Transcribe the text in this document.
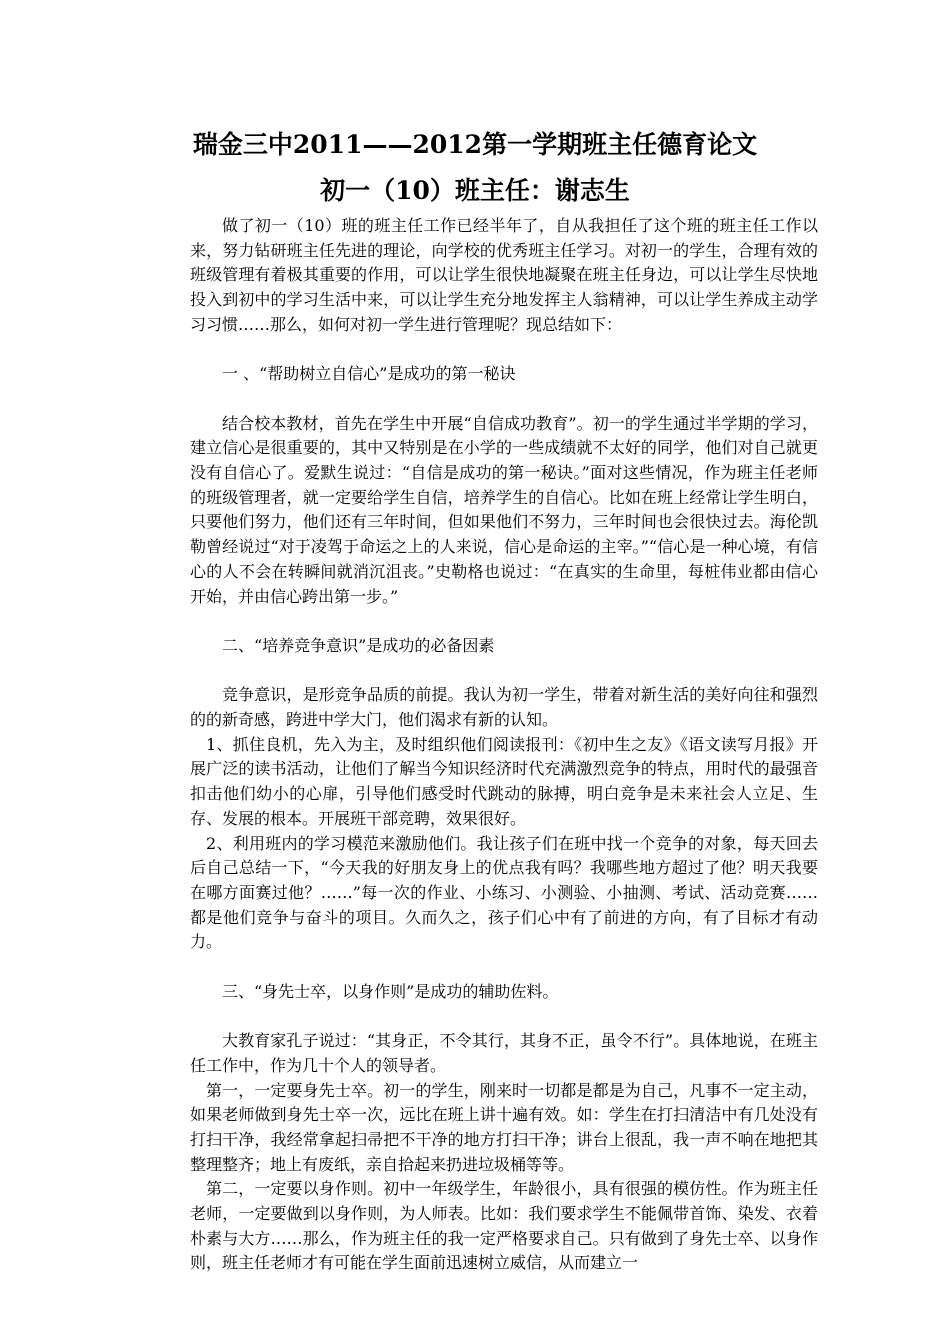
瑞金三中2011——2012第一学期班主任德育论文
初一（10）班主任：谢志生

做了初一（10）班的班主任工作已经半年了，自从我担任了这个班的班主任工作以来，努力钻研班主任先进的理论，向学校的优秀班主任学习。对初一的学生，合理有效的班级管理有着极其重要的作用，可以让学生很快地凝聚在班主任身边，可以让学生尽快地投入到初中的学习生活中来，可以让学生充分地发挥主人翁精神，可以让学生养成主动学习习惯……那么，如何对初一学生进行管理呢？现总结如下：

一 、“帮助树立自信心”是成功的第一秘诀

结合校本教材，首先在学生中开展“自信成功教育”。初一的学生通过半学期的学习，建立信心是很重要的，其中又特别是在小学的一些成绩就不太好的同学，他们对自己就更没有自信心了。爱默生说过：“自信是成功的第一秘诀。”面对这些情况，作为班主任老师的班级管理者，就一定要给学生自信，培养学生的自信心。比如在班上经常让学生明白，只要他们努力，他们还有三年时间，但如果他们不努力，三年时间也会很快过去。海伦凯勒曾经说过“对于凌驾于命运之上的人来说，信心是命运的主宰。”“信心是一种心境，有信心的人不会在转瞬间就消沉沮丧。”史勒格也说过：“在真实的生命里，每桩伟业都由信心开始，并由信心跨出第一步。”

二、“培养竞争意识”是成功的必备因素

竞争意识，是形竞争品质的前提。我认为初一学生，带着对新生活的美好向往和强烈的的新奇感，跨进中学大门，他们渴求有新的认知。

1、抓住良机，先入为主，及时组织他们阅读报刊：《初中生之友》《语文读写月报》开展广泛的读书活动，让他们了解当今知识经济时代充满激烈竞争的特点，用时代的最强音扣击他们幼小的心扉，引导他们感受时代跳动的脉搏，明白竞争是未来社会人立足、生存、发展的根本。开展班干部竞聘，效果很好。

2、利用班内的学习模范来激励他们。我让孩子们在班中找一个竞争的对象，每天回去后自己总结一下，“今天我的好朋友身上的优点我有吗？我哪些地方超过了他？明天我要在哪方面赛过他？……”每一次的作业、小练习、小测验、小抽测、考试、活动竞赛……都是他们竞争与奋斗的项目。久而久之，孩子们心中有了前进的方向，有了目标才有动力。

三、“身先士卒，以身作则”是成功的辅助佐料。

大教育家孔子说过：“其身正，不令其行，其身不正，虽令不行”。具体地说，在班主任工作中，作为几十个人的领导者。

第一，一定要身先士卒。初一的学生，刚来时一切都是都是为自己，凡事不一定主动，如果老师做到身先士卒一次，远比在班上讲十遍有效。如：学生在打扫清洁中有几处没有打扫干净，我经常拿起扫帚把不干净的地方打扫干净；讲台上很乱，我一声不响在地把其整理整齐；地上有废纸，亲自拾起来扔进垃圾桶等等。

第二，一定要以身作则。初中一年级学生，年龄很小，具有很强的模仿性。作为班主任老师，一定要做到以身作则，为人师表。比如：我们要求学生不能佩带首饰、染发、衣着朴素与大方……那么，作为班主任的我一定严格要求自己。只有做到了身先士卒、以身作则，班主任老师才有可能在学生面前迅速树立威信，从而建立一
